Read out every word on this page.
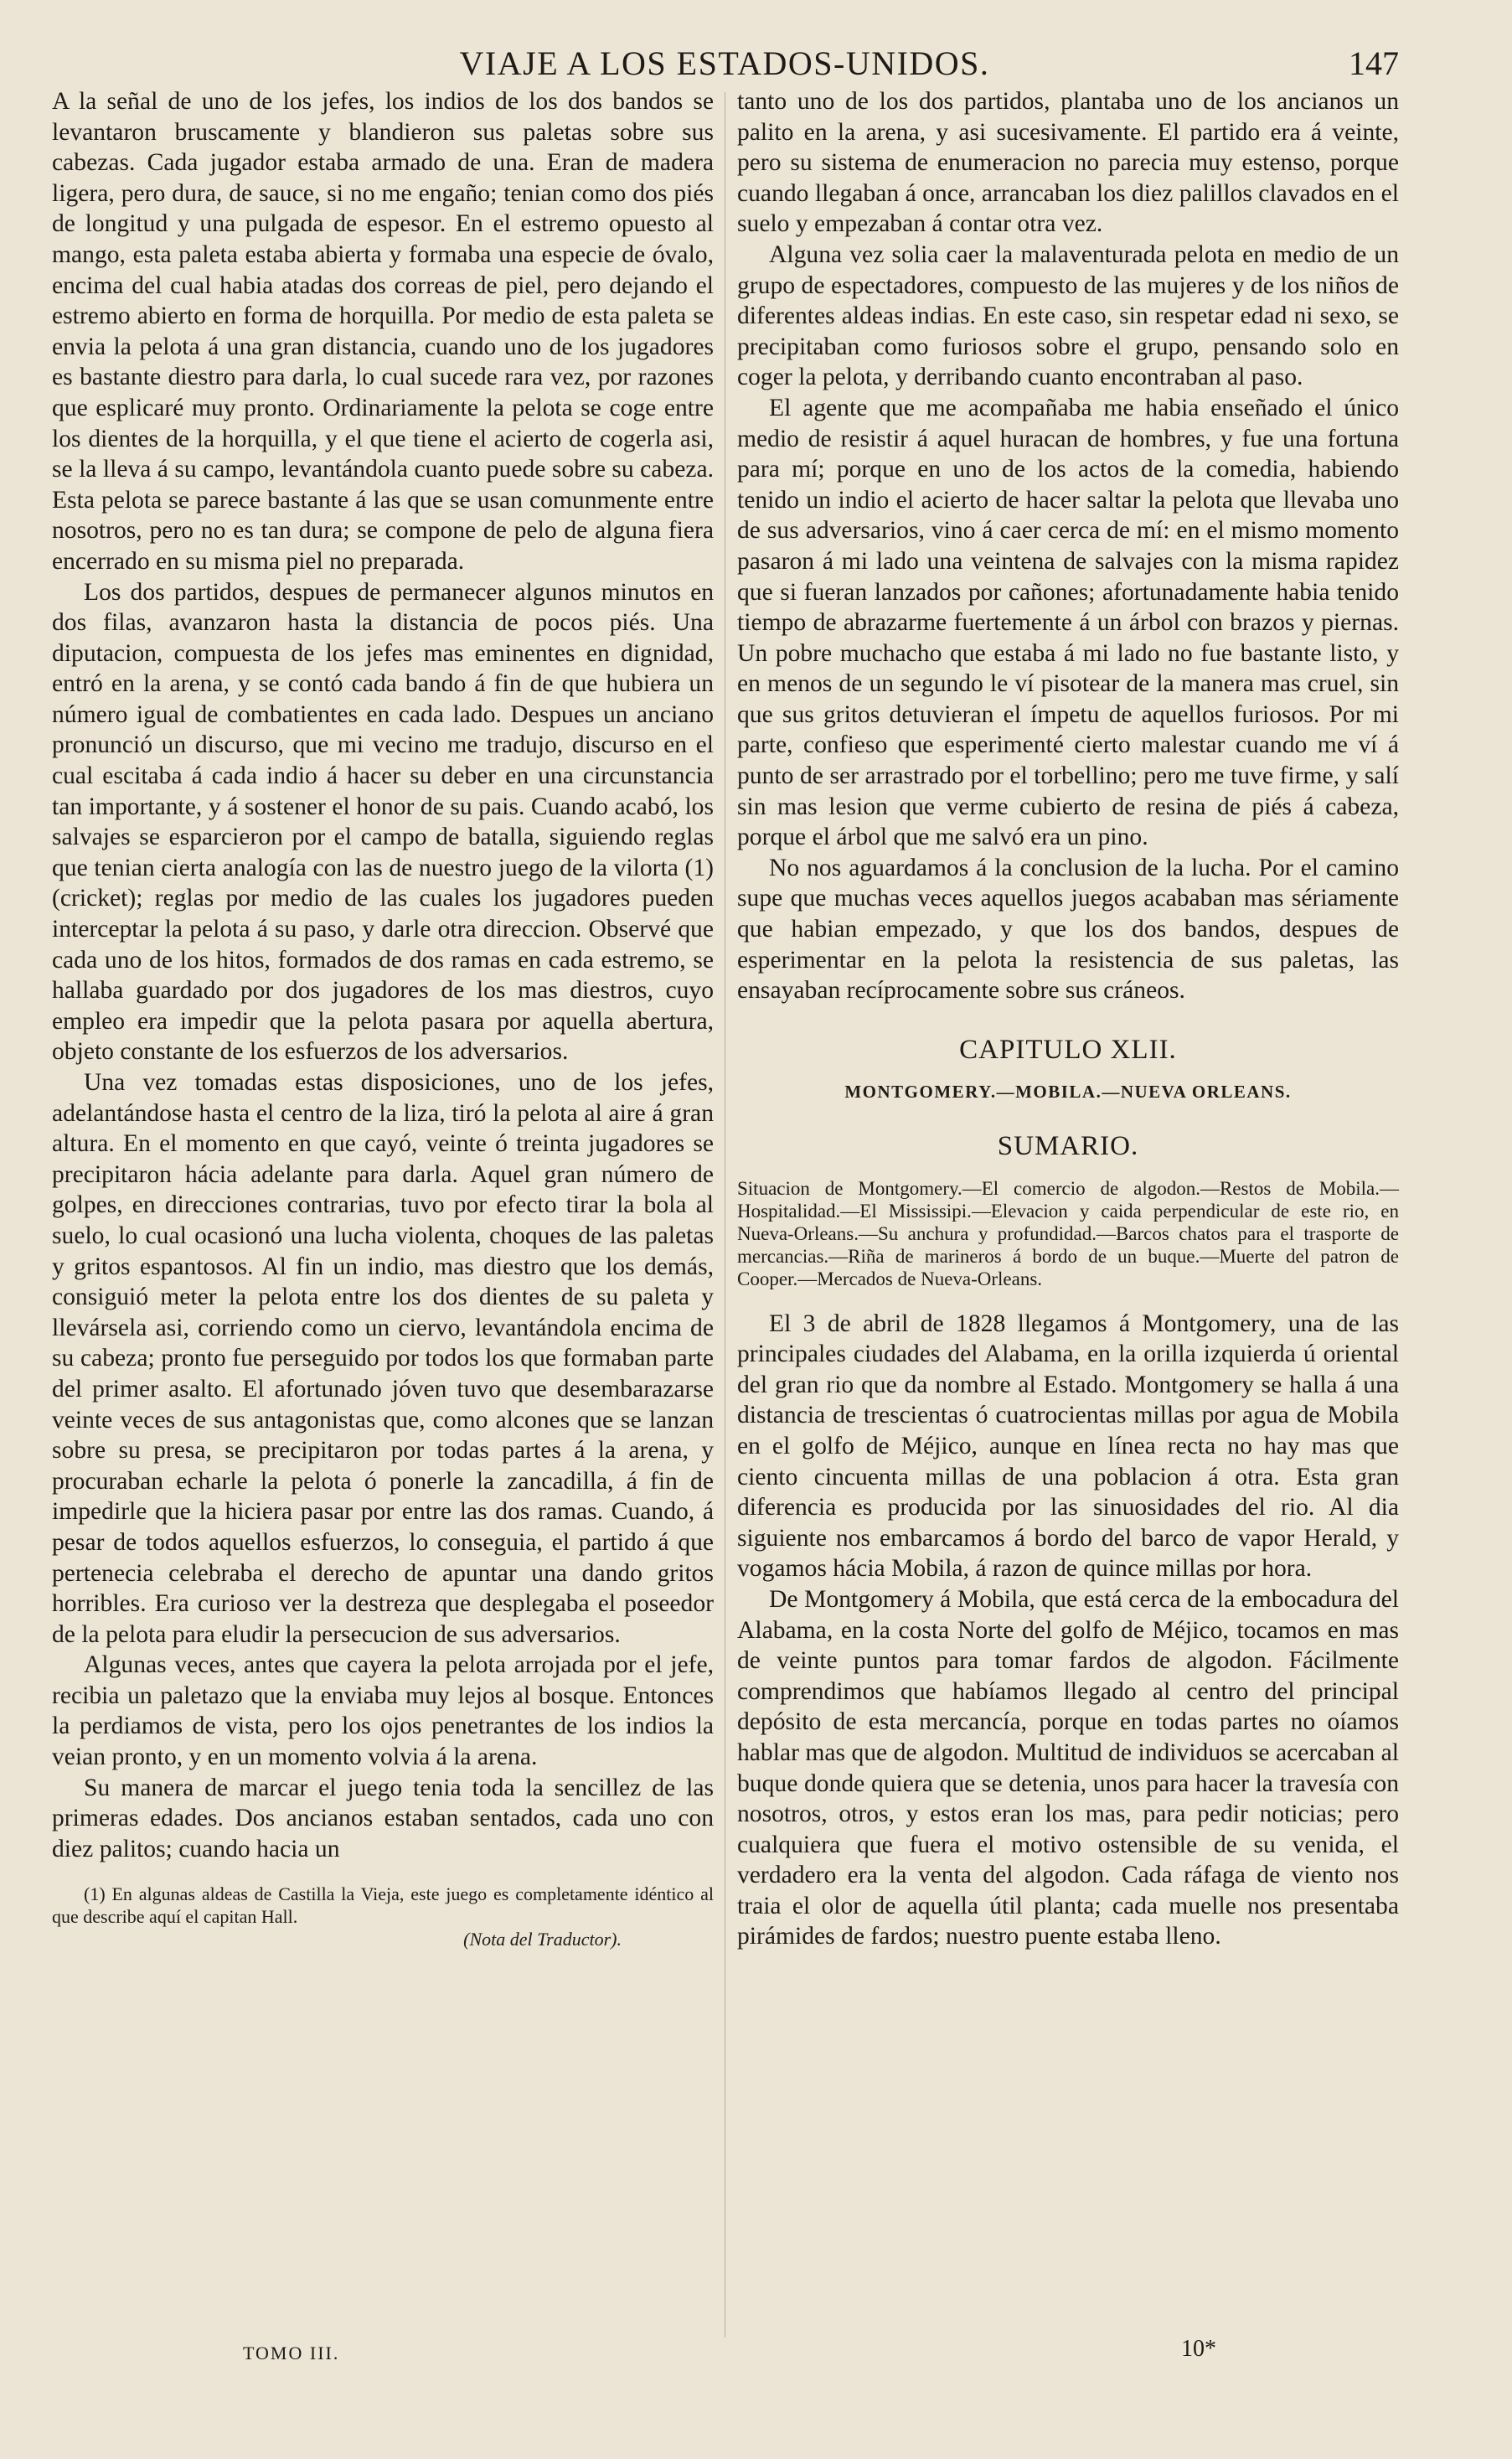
VIAJE A LOS ESTADOS-UNIDOS.	147

A la señal de uno de los jefes, los indios de los dos bandos se levantaron bruscamente y blandieron sus paletas sobre sus cabezas. Cada jugador estaba armado de una. Eran de madera ligera, pero dura, de sauce, si no me engaño; tenian como dos piés de longitud y una pulgada de espesor. En el estremo opuesto al mango, esta paleta estaba abierta y formaba una especie de óvalo, encima del cual habia atadas dos correas de piel, pero dejando el estremo abierto en forma de horquilla. Por medio de esta paleta se envia la pelota á una gran distancia, cuando uno de los jugadores es bastante diestro para darla, lo cual sucede rara vez, por razones que esplicaré muy pronto. Ordinariamente la pelota se coge entre los dientes de la horquilla, y el que tiene el acierto de cogerla asi, se la lleva á su campo, levantándola cuanto puede sobre su cabeza. Esta pelota se parece bastante á las que se usan comunmente entre nosotros, pero no es tan dura; se compone de pelo de alguna fiera encerrado en su misma piel no preparada.

Los dos partidos, despues de permanecer algunos minutos en dos filas, avanzaron hasta la distancia de pocos piés. Una diputacion, compuesta de los jefes mas eminentes en dignidad, entró en la arena, y se contó cada bando á fin de que hubiera un número igual de combatientes en cada lado. Despues un anciano pronunció un discurso, que mi vecino me tradujo, discurso en el cual escitaba á cada indio á hacer su deber en una circunstancia tan importante, y á sostener el honor de su pais. Cuando acabó, los salvajes se esparcieron por el campo de batalla, siguiendo reglas que tenian cierta analogía con las de nuestro juego de la vilorta (1) (cricket); reglas por medio de las cuales los jugadores pueden interceptar la pelota á su paso, y darle otra direccion. Observé que cada uno de los hitos, formados de dos ramas en cada estremo, se hallaba guardado por dos jugadores de los mas diestros, cuyo empleo era impedir que la pelota pasara por aquella abertura, objeto constante de los esfuerzos de los adversarios.

Una vez tomadas estas disposiciones, uno de los jefes, adelantándose hasta el centro de la liza, tiró la pelota al aire á gran altura. En el momento en que cayó, veinte ó treinta jugadores se precipitaron hácia adelante para darla. Aquel gran número de golpes, en direcciones contrarias, tuvo por efecto tirar la bola al suelo, lo cual ocasionó una lucha violenta, choques de las paletas y gritos espantosos. Al fin un indio, mas diestro que los demás, consiguió meter la pelota entre los dos dientes de su paleta y llevársela asi, corriendo como un ciervo, levantándola encima de su cabeza; pronto fue perseguido por todos los que formaban parte del primer asalto. El afortunado jóven tuvo que desembarazarse veinte veces de sus antagonistas que, como alcones que se lanzan sobre su presa, se precipitaron por todas partes á la arena, y procuraban echarle la pelota ó ponerle la zancadilla, á fin de impedirle que la hiciera pasar por entre las dos ramas. Cuando, á pesar de todos aquellos esfuerzos, lo conseguia, el partido á que pertenecia celebraba el derecho de apuntar una dando gritos horribles. Era curioso ver la destreza que desplegaba el poseedor de la pelota para eludir la persecucion de sus adversarios.

Algunas veces, antes que cayera la pelota arrojada por el jefe, recibia un paletazo que la enviaba muy lejos al bosque. Entonces la perdiamos de vista, pero los ojos penetrantes de los indios la veian pronto, y en un momento volvia á la arena.

Su manera de marcar el juego tenia toda la sencillez de las primeras edades. Dos ancianos estaban sentados, cada uno con diez palitos; cuando hacia un

(1) En algunas aldeas de Castilla la Vieja, este juego es completamente idéntico al que describe aquí el capitan Hall.
(Nota del Traductor).

tanto uno de los dos partidos, plantaba uno de los ancianos un palito en la arena, y asi sucesivamente. El partido era á veinte, pero su sistema de enumeracion no parecia muy estenso, porque cuando llegaban á once, arrancaban los diez palillos clavados en el suelo y empezaban á contar otra vez.

Alguna vez solia caer la malaventurada pelota en medio de un grupo de espectadores, compuesto de las mujeres y de los niños de diferentes aldeas indias. En este caso, sin respetar edad ni sexo, se precipitaban como furiosos sobre el grupo, pensando solo en coger la pelota, y derribando cuanto encontraban al paso.

El agente que me acompañaba me habia enseñado el único medio de resistir á aquel huracan de hombres, y fue una fortuna para mí; porque en uno de los actos de la comedia, habiendo tenido un indio el acierto de hacer saltar la pelota que llevaba uno de sus adversarios, vino á caer cerca de mí: en el mismo momento pasaron á mi lado una veintena de salvajes con la misma rapidez que si fueran lanzados por cañones; afortunadamente habia tenido tiempo de abrazarme fuertemente á un árbol con brazos y piernas. Un pobre muchacho que estaba á mi lado no fue bastante listo, y en menos de un segundo le ví pisotear de la manera mas cruel, sin que sus gritos detuvieran el ímpetu de aquellos furiosos. Por mi parte, confieso que esperimenté cierto malestar cuando me ví á punto de ser arrastrado por el torbellino; pero me tuve firme, y salí sin mas lesion que verme cubierto de resina de piés á cabeza, porque el árbol que me salvó era un pino.

No nos aguardamos á la conclusion de la lucha. Por el camino supe que muchas veces aquellos juegos acababan mas sériamente que habian empezado, y que los dos bandos, despues de esperimentar en la pelota la resistencia de sus paletas, las ensayaban recíprocamente sobre sus cráneos.

CAPITULO XLII.
MONTGOMERY.—MOBILA.—NUEVA ORLEANS.
SUMARIO.
Situacion de Montgomery.—El comercio de algodon.—Restos de Mobila.—Hospitalidad.—El Mississipi.—Elevacion y caida perpendicular de este rio, en Nueva-Orleans.—Su anchura y profundidad.—Barcos chatos para el trasporte de mercancias.—Riña de marineros á bordo de un buque.—Muerte del patron de Cooper.—Mercados de Nueva-Orleans.

El 3 de abril de 1828 llegamos á Montgomery, una de las principales ciudades del Alabama, en la orilla izquierda ú oriental del gran rio que da nombre al Estado. Montgomery se halla á una distancia de trescientas ó cuatrocientas millas por agua de Mobila en el golfo de Méjico, aunque en línea recta no hay mas que ciento cincuenta millas de una poblacion á otra. Esta gran diferencia es producida por las sinuosidades del rio. Al dia siguiente nos embarcamos á bordo del barco de vapor Herald, y vogamos hácia Mobila, á razon de quince millas por hora.

De Montgomery á Mobila, que está cerca de la embocadura del Alabama, en la costa Norte del golfo de Méjico, tocamos en mas de veinte puntos para tomar fardos de algodon. Fácilmente comprendimos que habíamos llegado al centro del principal depósito de esta mercancía, porque en todas partes no oíamos hablar mas que de algodon. Multitud de individuos se acercaban al buque donde quiera que se detenia, unos para hacer la travesía con nosotros, otros, y estos eran los mas, para pedir noticias; pero cualquiera que fuera el motivo ostensible de su venida, el verdadero era la venta del algodon. Cada ráfaga de viento nos traia el olor de aquella útil planta; cada muelle nos presentaba pirámides de fardos; nuestro puente estaba lleno.

TOMO III.	10*
